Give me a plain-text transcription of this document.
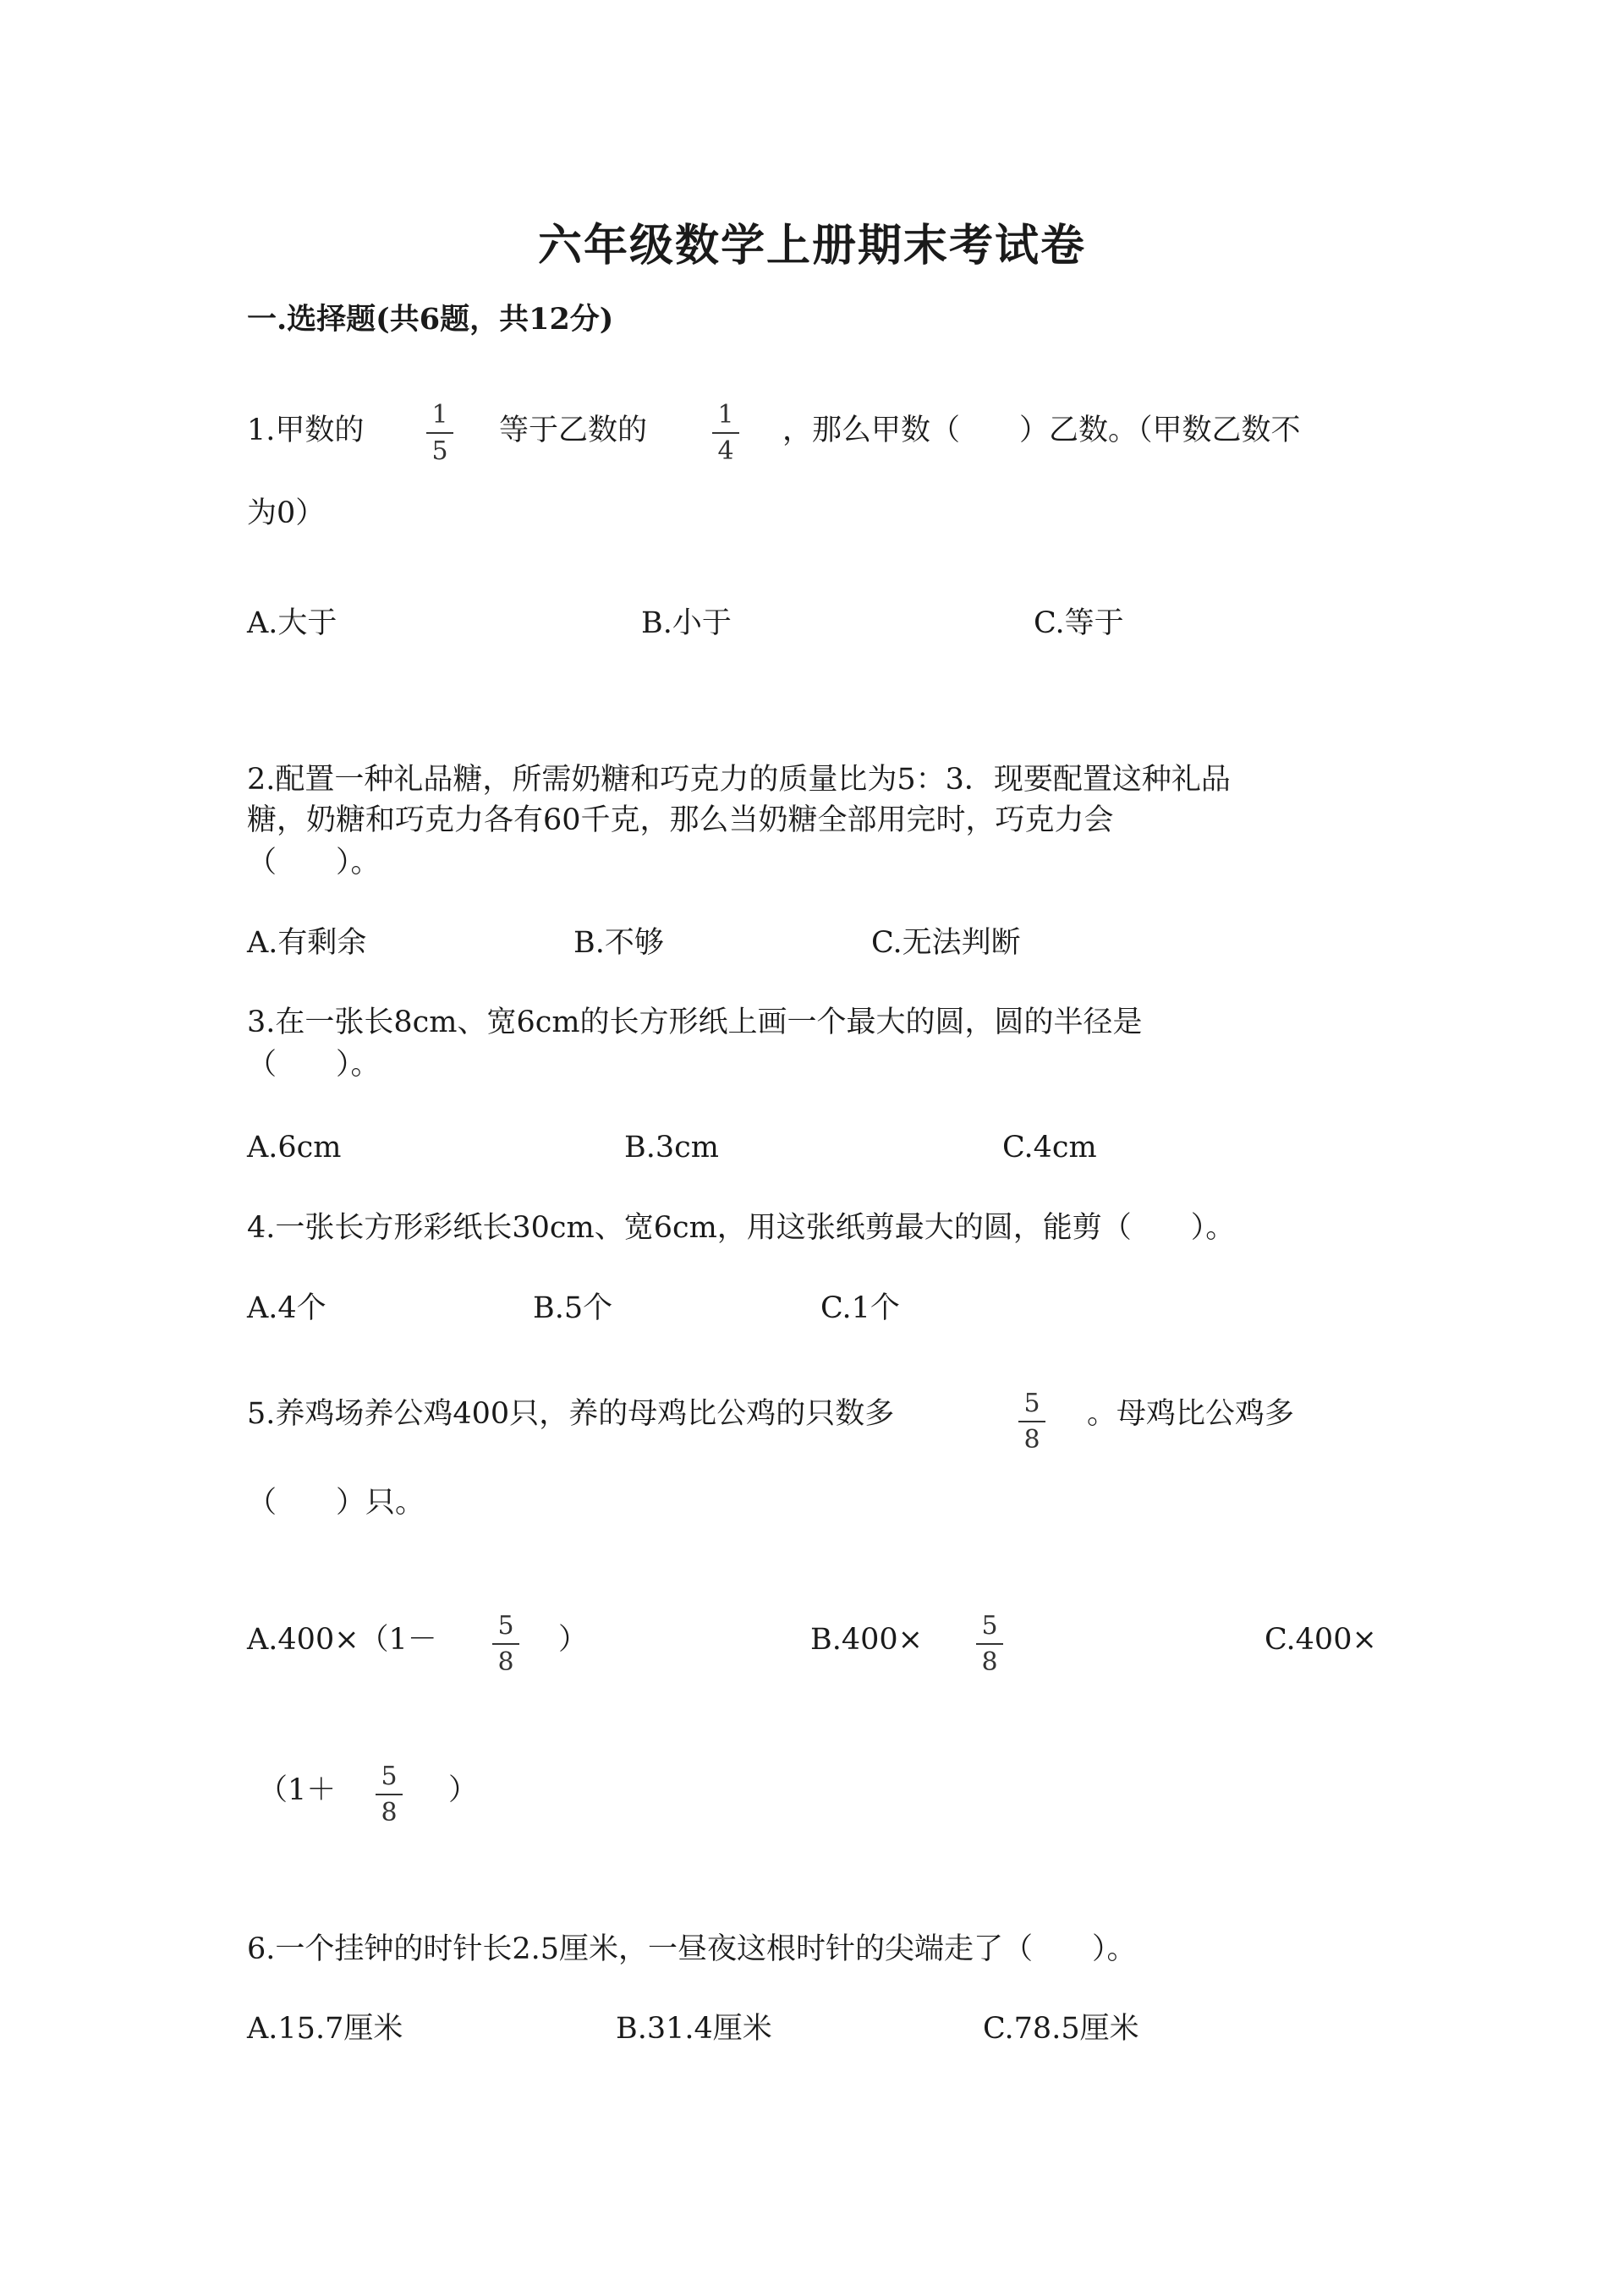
六年级数学上册期末考试卷
一.选择题(共6题，共12分)
1.甲数的	1
5
等于乙数的	1
4
，那么甲数（　　）乙数。（甲数乙数不
为0）
A.大于	B.小于	C.等于
2.配置一种礼品糖，所需奶糖和巧克力的质量比为5：3．现要配置这种礼品
糖，奶糖和巧克力各有60千克，那么当奶糖全部用完时，巧克力会
（　　）。
A.有剩余	B.不够	C.无法判断
3.在一张长8cm、宽6cm的长方形纸上画一个最大的圆，圆的半径是
（　　）。
A.6cm	B.3cm	C.4cm
4.一张长方形彩纸长30cm、宽6cm，用这张纸剪最大的圆，能剪（　　）。
A.4个	B.5个	C.1个
5.养鸡场养公鸡400只，养的母鸡比公鸡的只数多	5
8
。母鸡比公鸡多
（　　）只。
A.400×（1－	5
8
）	B.400×	5
8
C.400×
（1＋	5
8
）
6.一个挂钟的时针长2.5厘米，一昼夜这根时针的尖端走了（　　）。
A.15.7厘米	B.31.4厘米	C.78.5厘米
